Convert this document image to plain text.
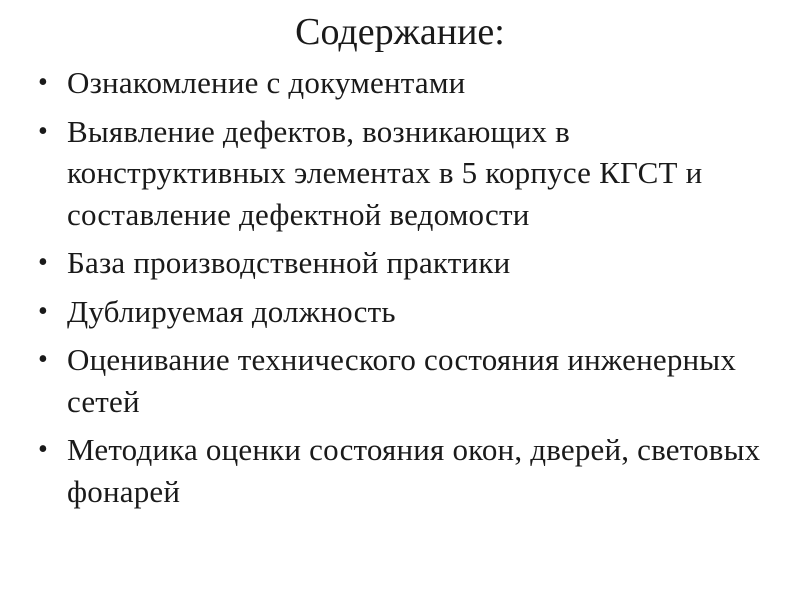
Содержание:
• Ознакомление с документами
• Выявление дефектов, возникающих в конструктивных элементах в 5 корпусе КГСТ и составление дефектной ведомости
• База производственной практики
• Дублируемая должность
• Оценивание технического состояния инженерных сетей
• Методика оценки состояния окон, дверей, световых фонарей
